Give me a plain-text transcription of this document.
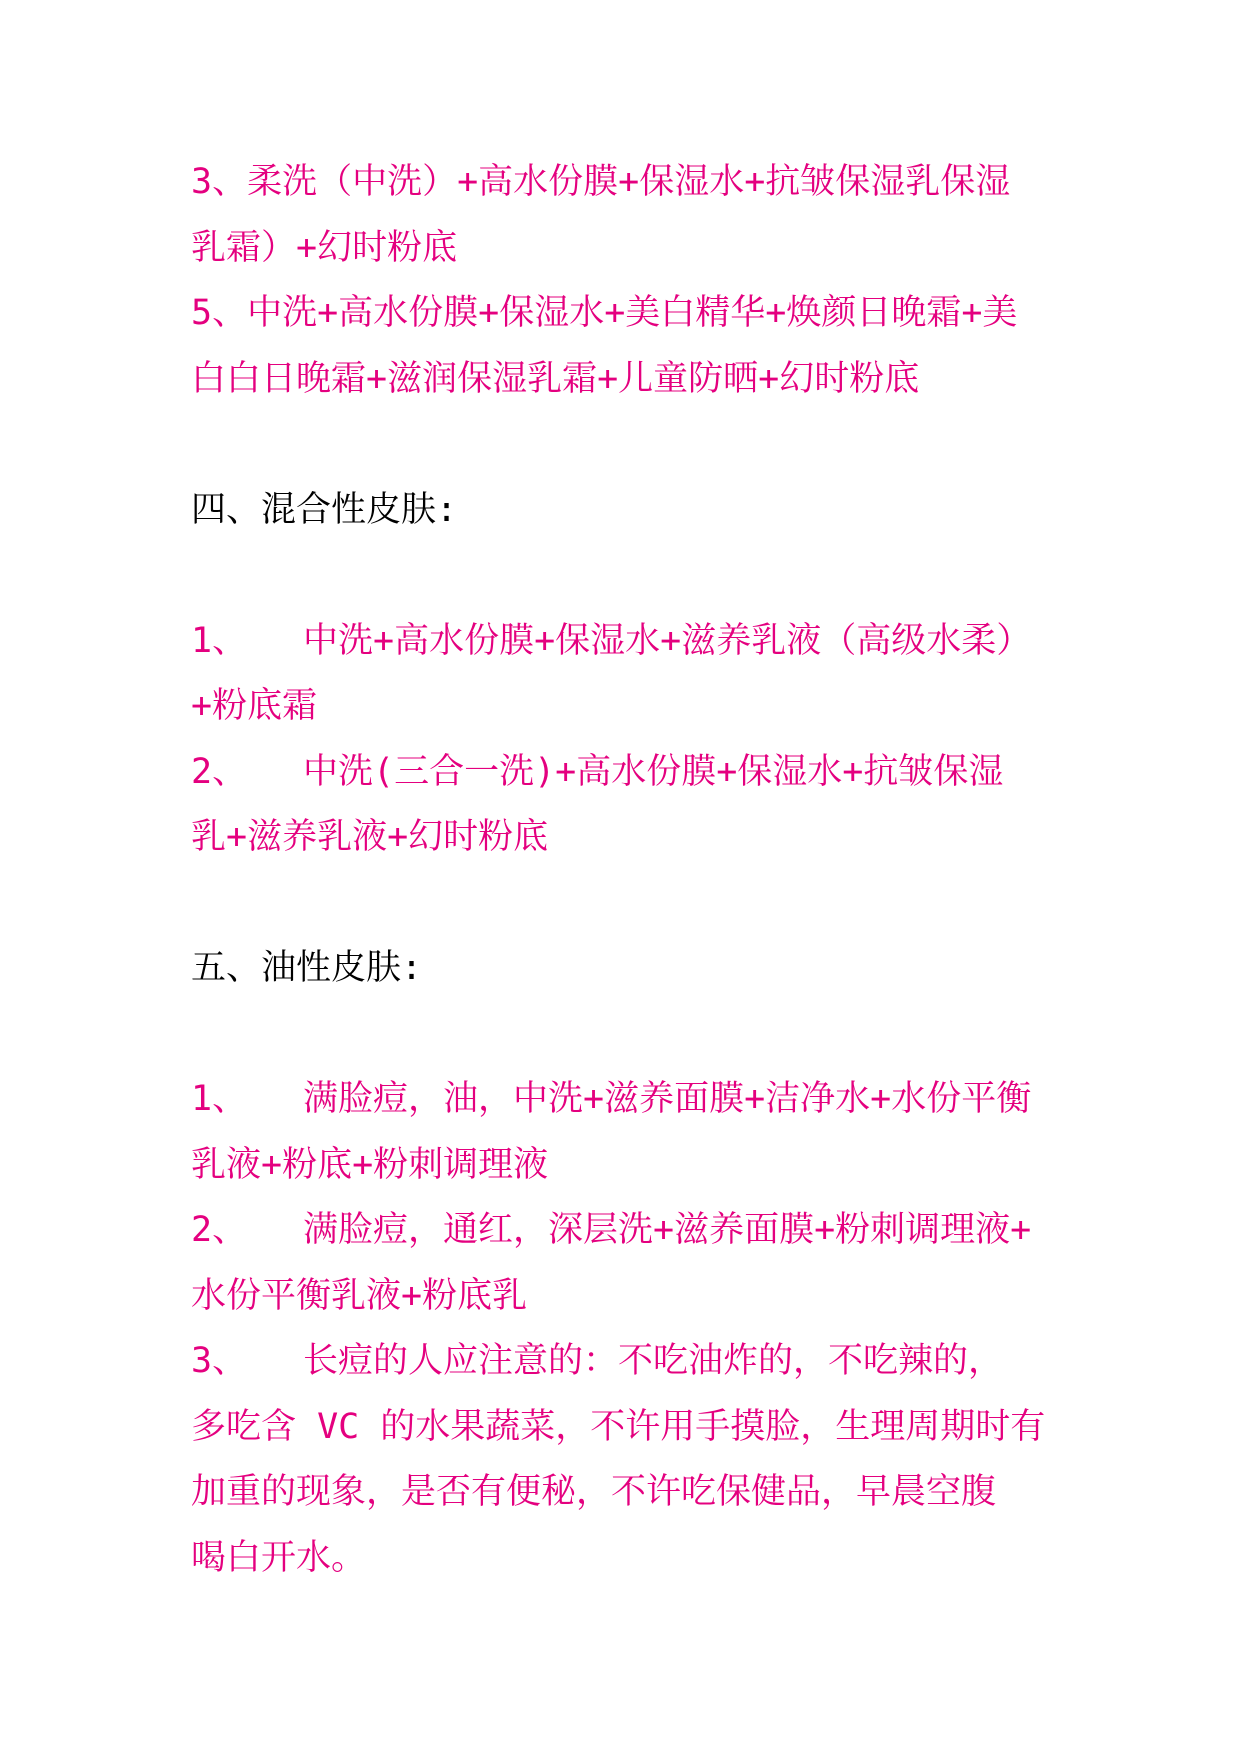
3、柔洗（中洗）+高水份膜+保湿水+抗皱保湿乳保湿
乳霜）+幻时粉底
5、中洗+高水份膜+保湿水+美白精华+焕颜日晚霜+美
白白日晚霜+滋润保湿乳霜+儿童防晒+幻时粉底
四、混合性皮肤:
1、 中洗+高水份膜+保湿水+滋养乳液（高级水柔）
+粉底霜
2、 中洗(三合一洗)+高水份膜+保湿水+抗皱保湿
乳+滋养乳液+幻时粉底
五、油性皮肤:
1、 满脸痘，油，中洗+滋养面膜+洁净水+水份平衡
乳液+粉底+粉刺调理液
2、 满脸痘，通红，深层洗+滋养面膜+粉刺调理液+
水份平衡乳液+粉底乳
3、 长痘的人应注意的：不吃油炸的，不吃辣的，
多吃含 VC 的水果蔬菜，不许用手摸脸，生理周期时有
加重的现象，是否有便秘，不许吃保健品，早晨空腹
喝白开水。
